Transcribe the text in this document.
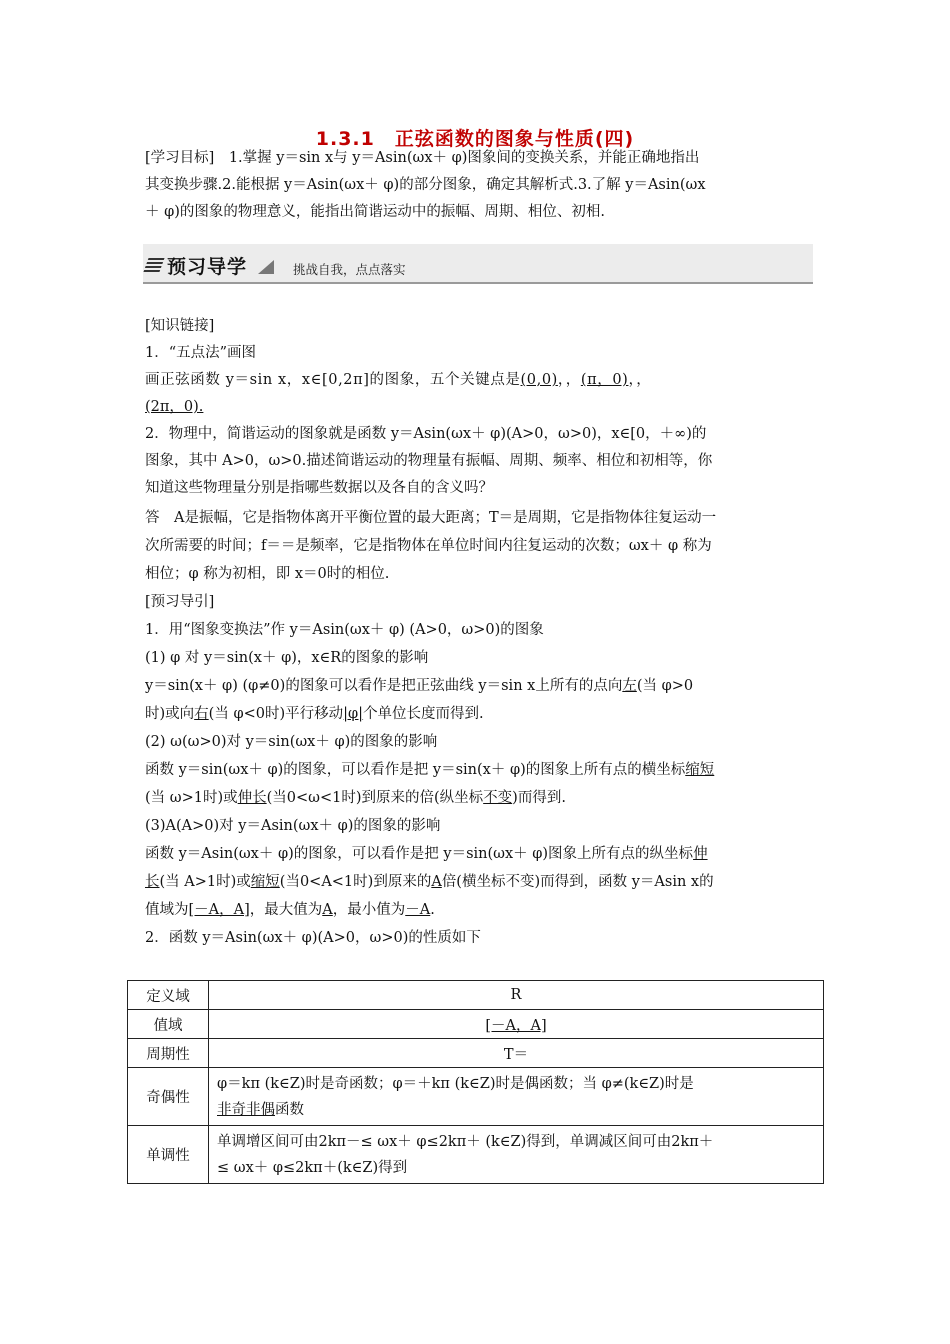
1.3.1　正弦函数的图象与性质(四)
[学习目标]　1.掌握 y＝sin x与 y＝Asin(ωx＋ φ)图象间的变换关系，并能正确地指出
其变换步骤.2.能根据 y＝Asin(ωx＋ φ)的部分图象，确定其解析式.3.了解 y＝Asin(ωx
＋ φ)的图象的物理意义，能指出简谐运动中的振幅、周期、相位、初相.
预习导学	挑战自我，点点落实
[知识链接]
1．“五点法”画图
画正弦函数 y＝sin x，x∈[0,2π]的图象，五个关键点是(0,0)，，(π，0)，，
(2π，0).
2．物理中，简谐运动的图象就是函数 y＝Asin(ωx＋ φ)(A>0，ω>0)，x∈[0，＋∞)的
图象，其中 A>0，ω>0.描述简谐运动的物理量有振幅、周期、频率、相位和初相等，你
知道这些物理量分别是指哪些数据以及各自的含义吗？
答　A是振幅，它是指物体离开平衡位置的最大距离；T＝是周期，它是指物体往复运动一
次所需要的时间；f＝＝是频率，它是指物体在单位时间内往复运动的次数；ωx＋ φ 称为
相位；φ 称为初相，即 x＝0时的相位.
[预习导引]
1．用“图象变换法”作 y＝Asin(ωx＋ φ) (A>0，ω>0)的图象
(1) φ 对 y＝sin(x＋ φ)，x∈R的图象的影响
y＝sin(x＋ φ) (φ≠0)的图象可以看作是把正弦曲线 y＝sin x上所有的点向左(当 φ>0
时)或向右(当 φ<0时)平行移动|φ|个单位长度而得到.
(2) ω(ω>0)对 y＝sin(ωx＋ φ)的图象的影响
函数 y＝sin(ωx＋ φ)的图象，可以看作是把 y＝sin(x＋ φ)的图象上所有点的横坐标缩短
(当 ω>1时)或伸长(当0<ω<1时)到原来的倍(纵坐标不变)而得到.
(3)A(A>0)对 y＝Asin(ωx＋ φ)的图象的影响
函数 y＝Asin(ωx＋ φ)的图象，可以看作是把 y＝sin(ωx＋ φ)图象上所有点的纵坐标伸
长(当 A>1时)或缩短(当0<A<1时)到原来的A倍(横坐标不变)而得到，函数 y＝Asin x的
值域为[－A，A]，最大值为A，最小值为－A.
2．函数 y＝Asin(ωx＋ φ)(A>0，ω>0)的性质如下
定义域	R
值域	[－A，A]
周期性	T＝
奇偶性	φ＝kπ (k∈Z)时是奇函数；φ＝＋kπ (k∈Z)时是偶函数；当 φ≠(k∈Z)时是
非奇非偶函数

单调性	单调增区间可由2kπ－≤ ωx＋ φ≤2kπ＋ (k∈Z)得到，单调减区间可由2kπ＋
≤ ωx＋ φ≤2kπ＋(k∈Z)得到
